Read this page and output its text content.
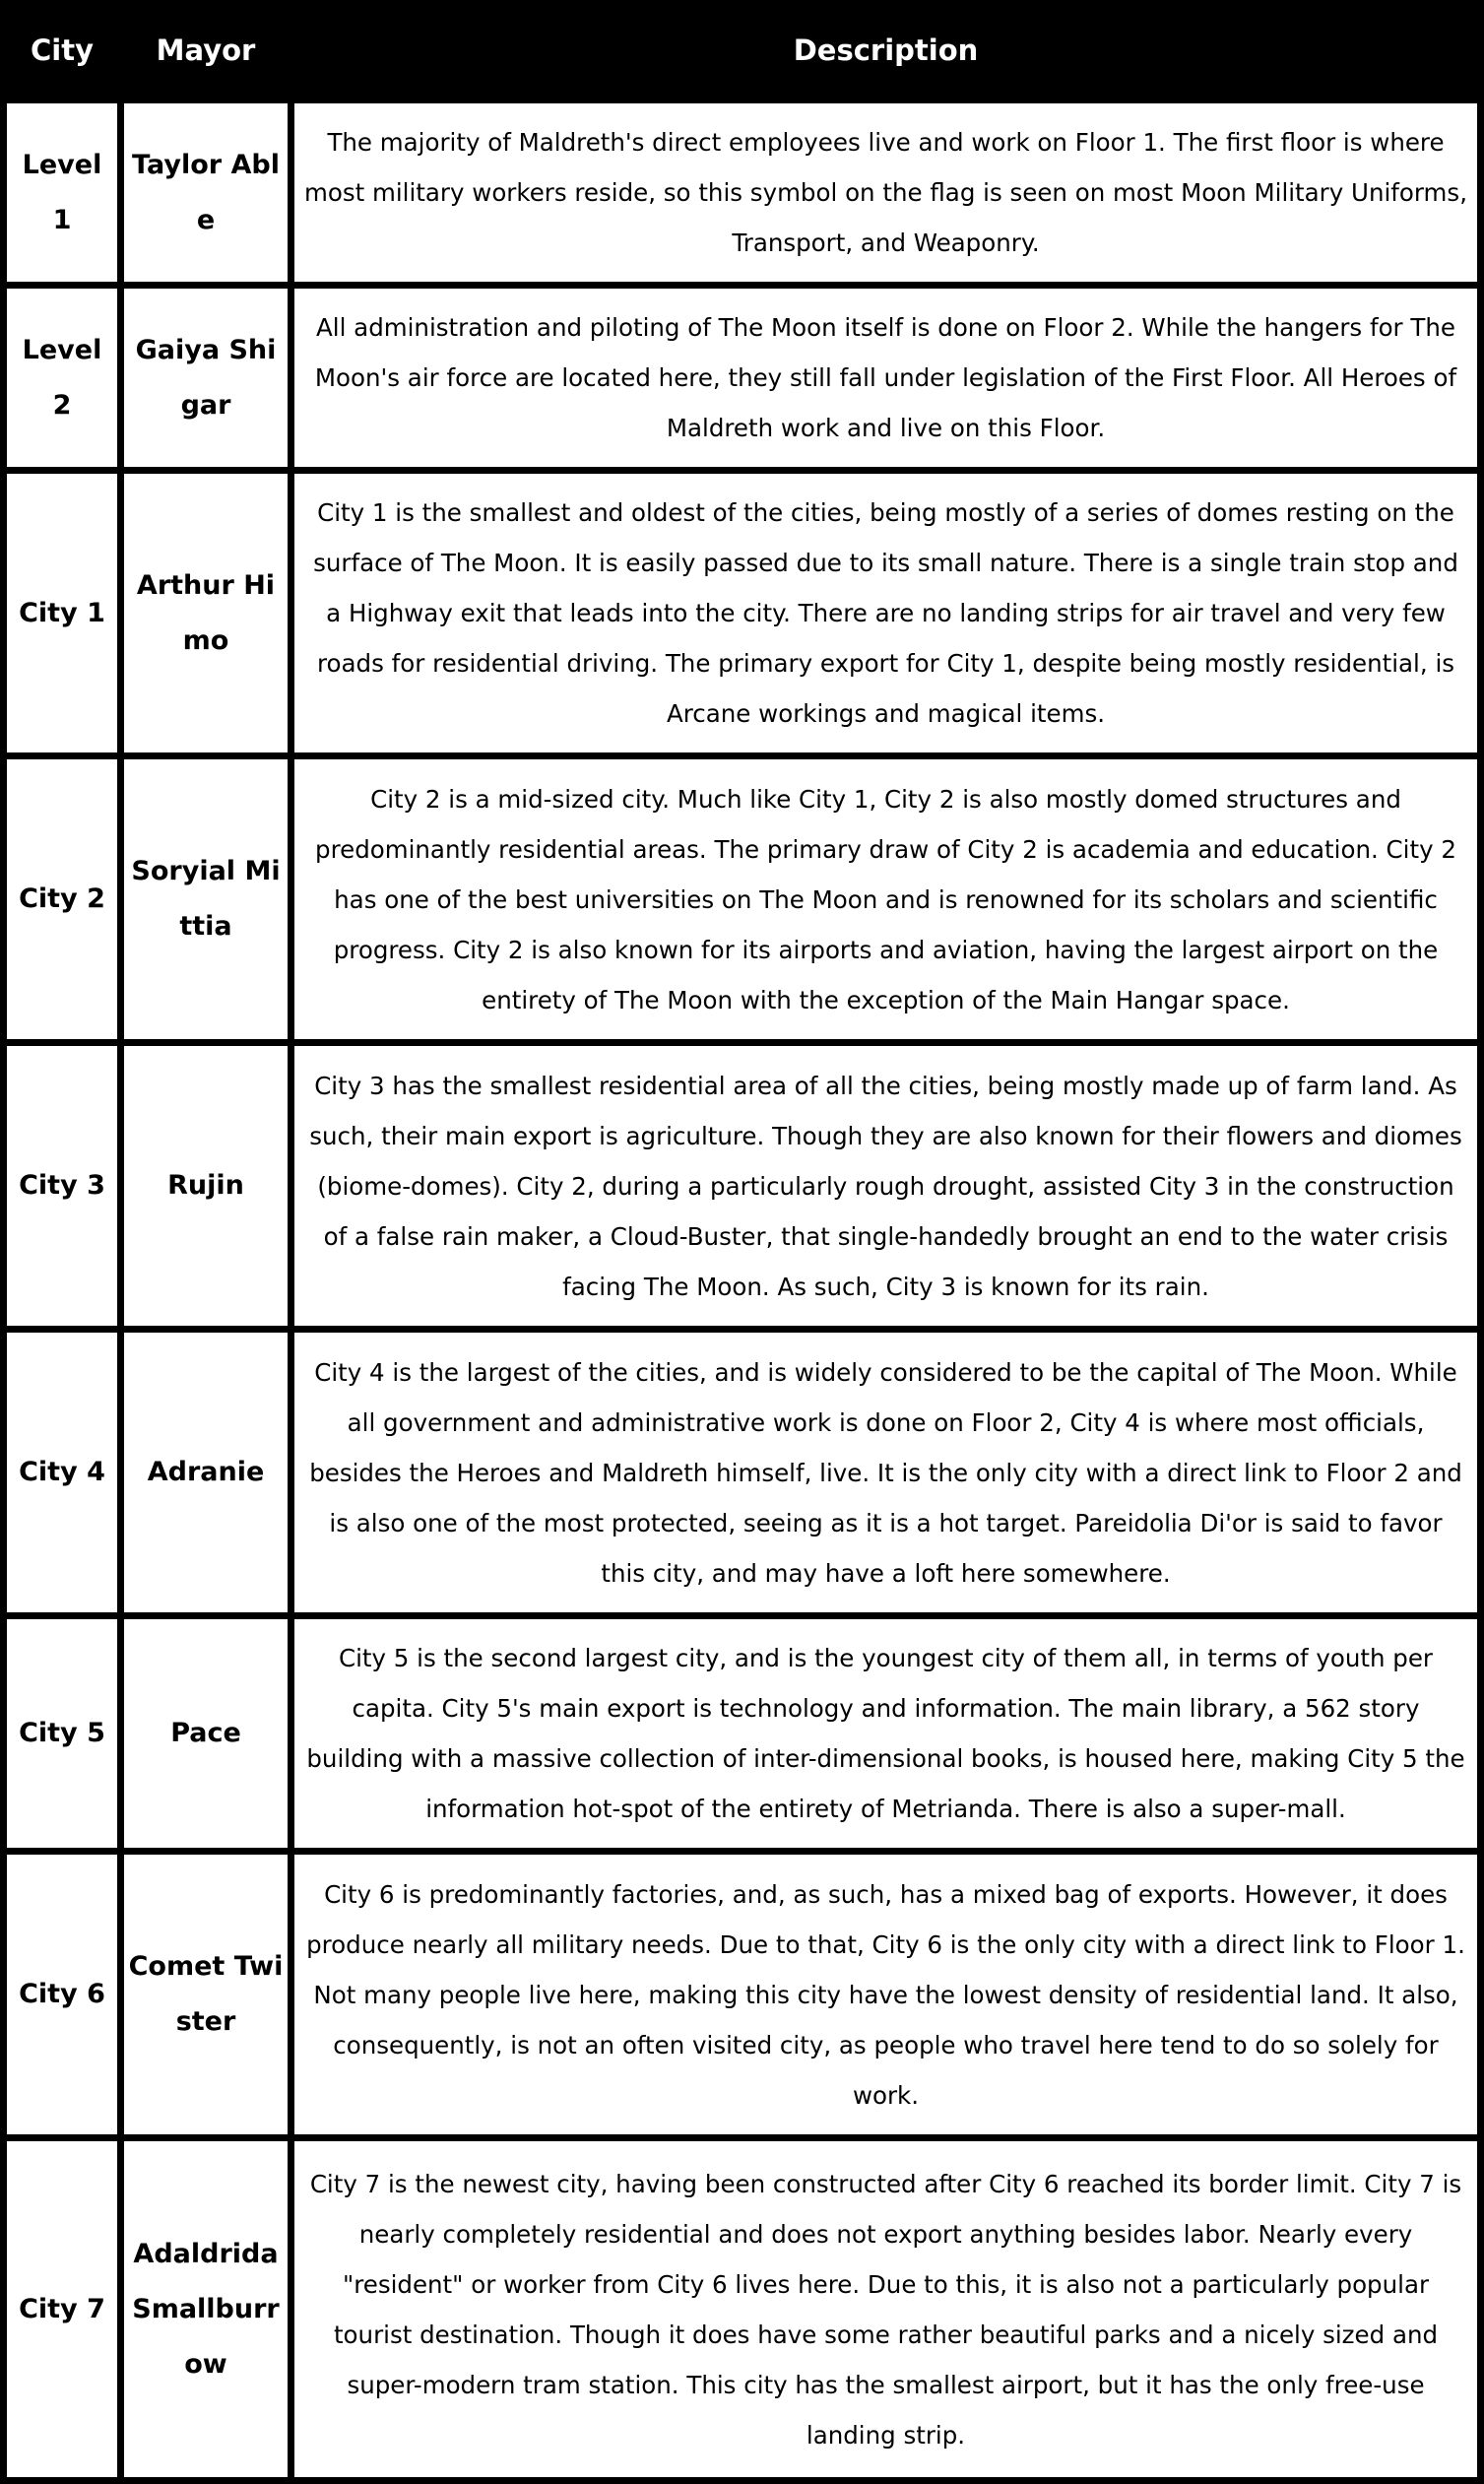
City	Mayor	Description
Level 1	Taylor Able	The majority of Maldreth's direct employees live and work on Floor 1. The first floor is where most military workers reside, so this symbol on the flag is seen on most Moon Military Uniforms, Transport, and Weaponry.
Level 2	Gaiya Shigar	All administration and piloting of The Moon itself is done on Floor 2. While the hangers for The Moon's air force are located here, they still fall under legislation of the First Floor. All Heroes of Maldreth work and live on this Floor.
City 1	Arthur Himo	City 1 is the smallest and oldest of the cities, being mostly of a series of domes resting on the surface of The Moon. It is easily passed due to its small nature. There is a single train stop and a Highway exit that leads into the city. There are no landing strips for air travel and very few roads for residential driving. The primary export for City 1, despite being mostly residential, is Arcane workings and magical items.
City 2	Soryial Mittia	City 2 is a mid-sized city. Much like City 1, City 2 is also mostly domed structures and predominantly residential areas. The primary draw of City 2 is academia and education. City 2 has one of the best universities on The Moon and is renowned for its scholars and scientific progress. City 2 is also known for its airports and aviation, having the largest airport on the entirety of The Moon with the exception of the Main Hangar space.
City 3	Rujin	City 3 has the smallest residential area of all the cities, being mostly made up of farm land. As such, their main export is agriculture. Though they are also known for their flowers and diomes (biome-domes). City 2, during a particularly rough drought, assisted City 3 in the construction of a false rain maker, a Cloud-Buster, that single-handedly brought an end to the water crisis facing The Moon. As such, City 3 is known for its rain.
City 4	Adranie	City 4 is the largest of the cities, and is widely considered to be the capital of The Moon. While all government and administrative work is done on Floor 2, City 4 is where most officials, besides the Heroes and Maldreth himself, live. It is the only city with a direct link to Floor 2 and is also one of the most protected, seeing as it is a hot target. Pareidolia Di'or is said to favor this city, and may have a loft here somewhere.
City 5	Pace	City 5 is the second largest city, and is the youngest city of them all, in terms of youth per capita. City 5's main export is technology and information. The main library, a 562 story building with a massive collection of inter-dimensional books, is housed here, making City 5 the information hot-spot of the entirety of Metrianda. There is also a super-mall.
City 6	Comet Twister	City 6 is predominantly factories, and, as such, has a mixed bag of exports. However, it does produce nearly all military needs. Due to that, City 6 is the only city with a direct link to Floor 1. Not many people live here, making this city have the lowest density of residential land. It also, consequently, is not an often visited city, as people who travel here tend to do so solely for work.
City 7	Adaldrida Smallburrow	City 7 is the newest city, having been constructed after City 6 reached its border limit. City 7 is nearly completely residential and does not export anything besides labor. Nearly every "resident" or worker from City 6 lives here. Due to this, it is also not a particularly popular tourist destination. Though it does have some rather beautiful parks and a nicely sized and super-modern tram station. This city has the smallest airport, but it has the only free-use landing strip.
